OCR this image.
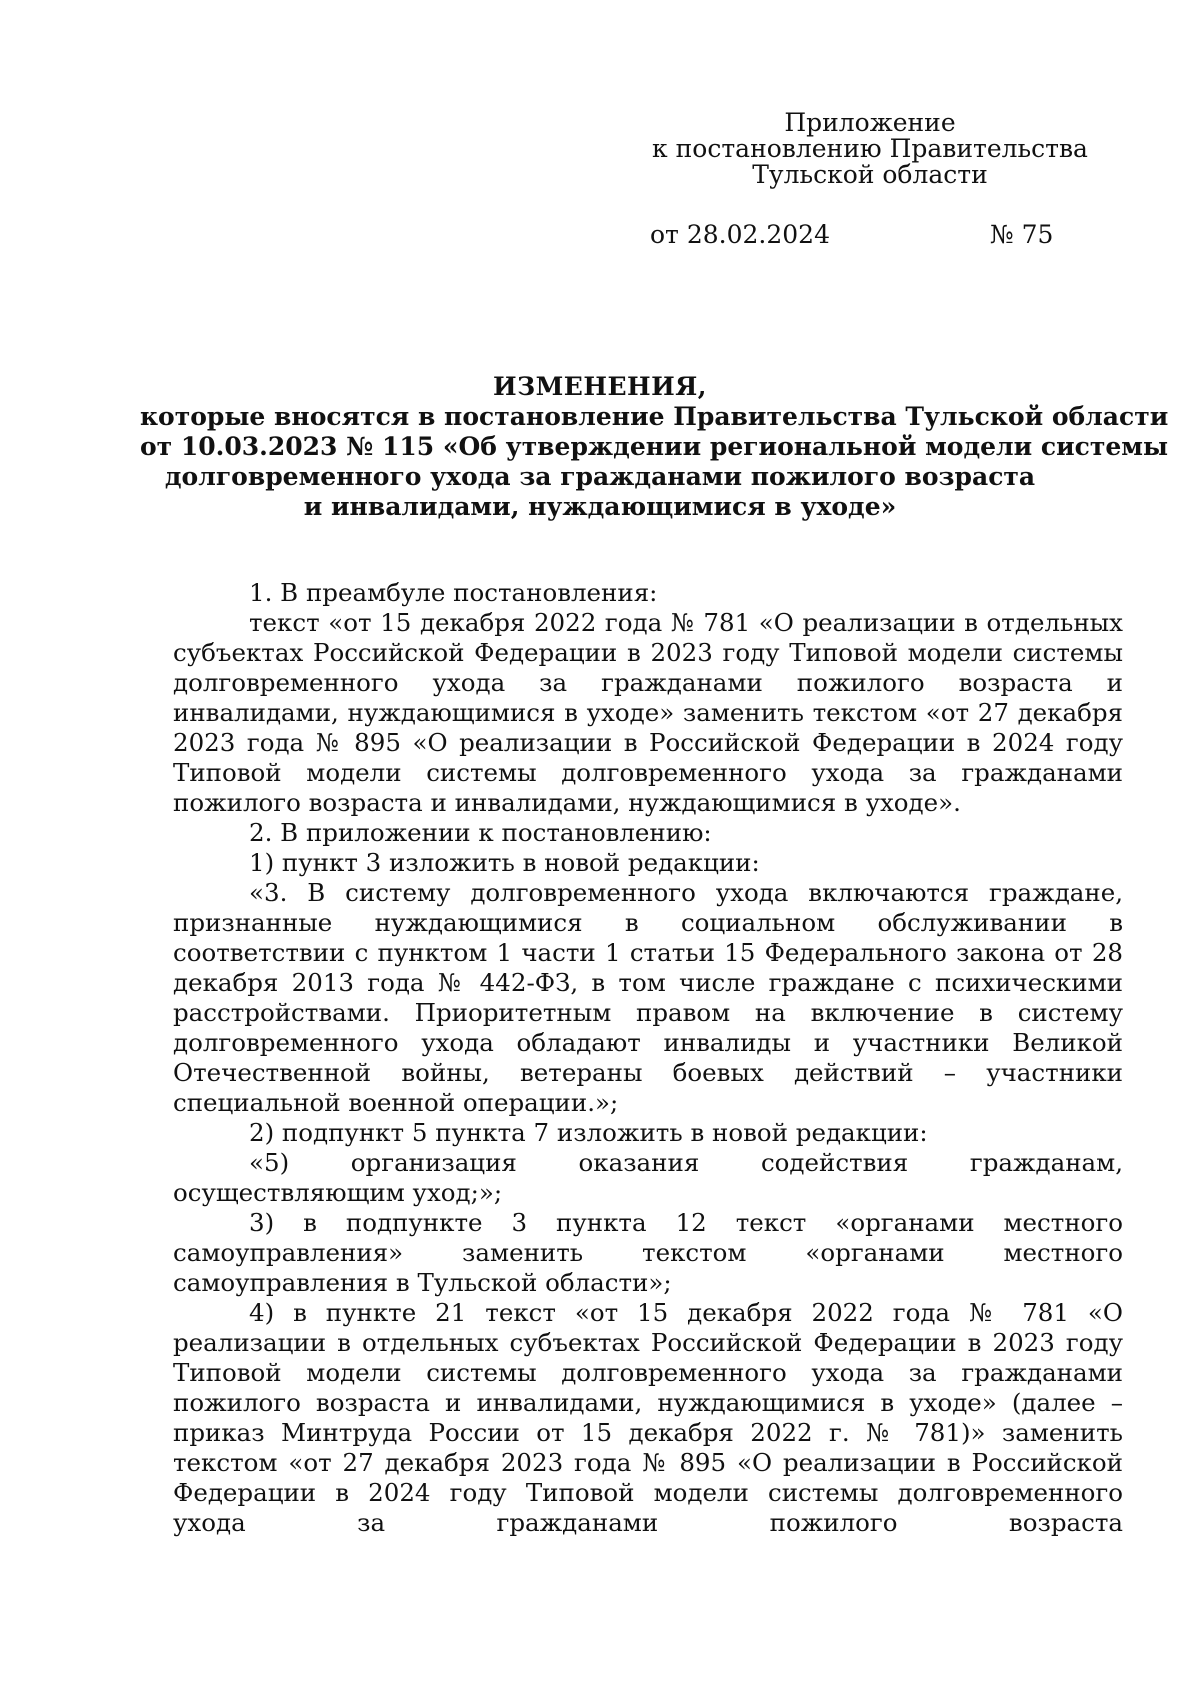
Приложение
к постановлению Правительства
Тульской области
от 28.02.2024	№ 75
ИЗМЕНЕНИЯ,
которые вносятся в постановление Правительства Тульской области
от 10.03.2023 № 115 «Об утверждении региональной модели системы
долговременного ухода за гражданами пожилого возраста
и инвалидами, нуждающимися в уходе»

1. В преамбуле постановления:

текст «от 15 декабря 2022 года № 781 «О реализации в отдельных субъектах Российской Федерации в 2023 году Типовой модели системы долговременного ухода за гражданами пожилого возраста и инвалидами, нуждающимися в уходе» заменить текстом «от 27 декабря 2023 года № 895 «О реализации в Российской Федерации в 2024 году Типовой модели системы долговременного ухода за гражданами пожилого возраста и инвалидами, нуждающимися в уходе».

2. В приложении к постановлению:

1) пункт 3 изложить в новой редакции:

«3. В систему долговременного ухода включаются граждане, признанные нуждающимися в социальном обслуживании в соответствии с пунктом 1 части 1 статьи 15 Федерального закона от 28 декабря 2013 года № 442-ФЗ, в том числе граждане с психическими расстройствами. Приоритетным правом на включение в систему долговременного ухода обладают инвалиды и участники Великой Отечественной войны, ветераны боевых действий – участники специальной военной операции.»;

2) подпункт 5 пункта 7 изложить в новой редакции:

«5) организация оказания содействия гражданам, осуществляющим уход;»;

3) в подпункте 3 пункта 12 текст «органами местного самоуправления» заменить текстом «органами местного самоуправления в Тульской области»;

4) в пункте 21 текст «от 15 декабря 2022 года № 781 «О реализации в отдельных субъектах Российской Федерации в 2023 году Типовой модели системы долговременного ухода за гражданами пожилого возраста и инвалидами, нуждающимися в уходе» (далее – приказ Минтруда России от 15 декабря 2022 г. № 781)» заменить текстом «от 27 декабря 2023 года № 895 «О реализации в Российской Федерации в 2024 году Типовой модели системы долговременного ухода за гражданами пожилого возраста
